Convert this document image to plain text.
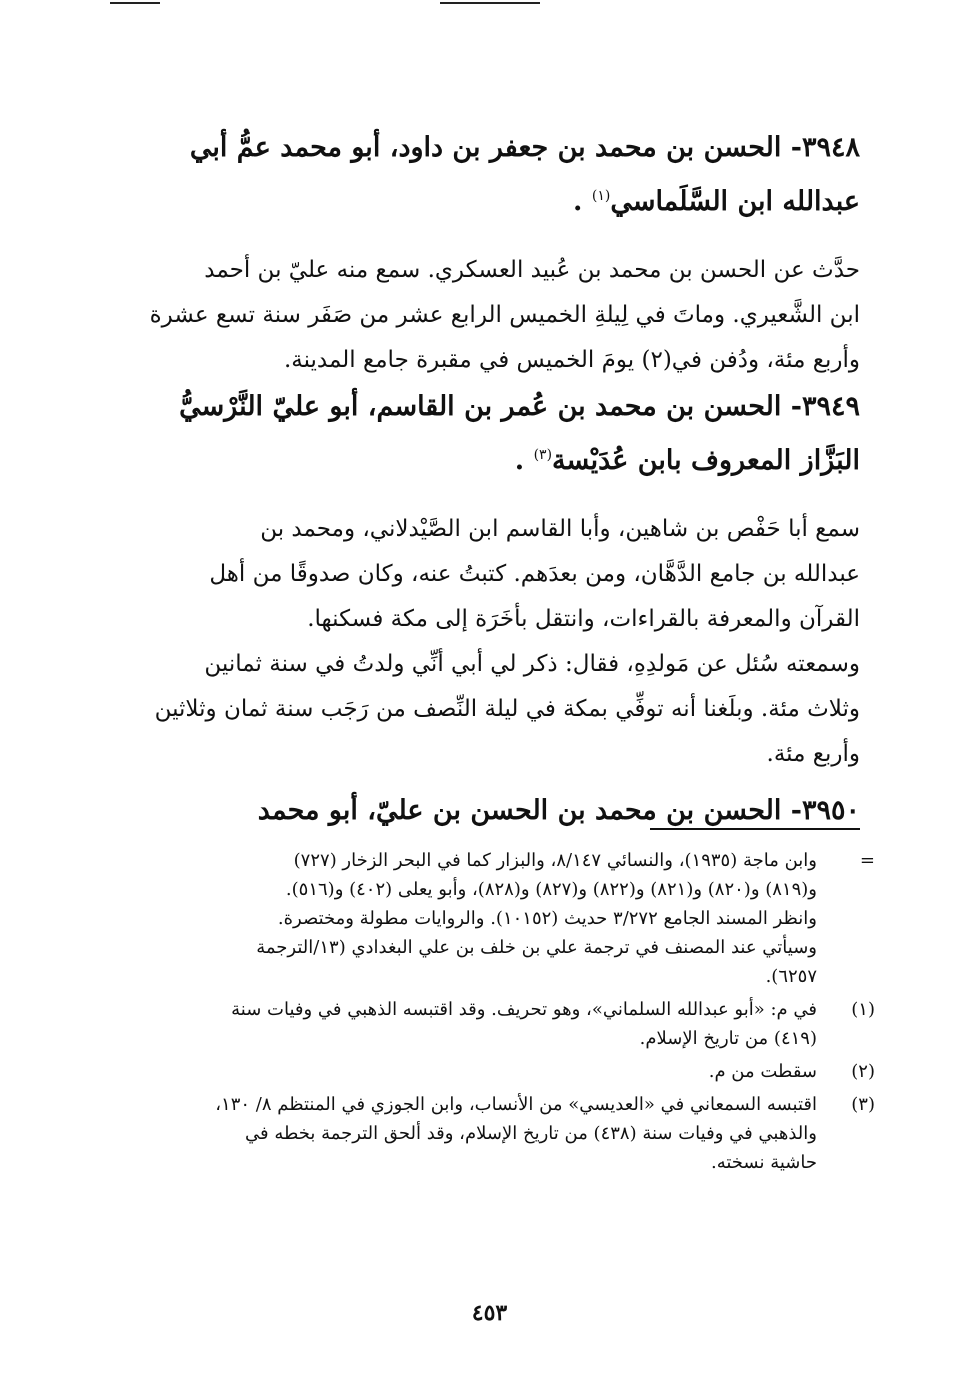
٣٩٤٨- الحسن بن محمد بن جعفر بن داود، أبو محمد عمُّ أبي
عبدالله ابن السَّلَماسي$^{(١)}$ .
حدَّث عن الحسن بن محمد بن عُبيد العسكري. سمع منه عليّ بن أحمد
ابن الشَّعيري. وماتَ في لِيلةِ الخميس الرابع عشر من صَفَر سنة تسع عشرة
وأربع مئة، ودُفن في(٢) يومَ الخميس في مقبرة جامع المدينة.
٣٩٤٩- الحسن بن محمد بن عُمر بن القاسم، أبو عليّ النَّرْسيُّ
البَزَّاز المعروف بابن عُدَيْسة$^{(٣)}$ .
سمع أبا حَفْص بن شاهين، وأبا القاسم ابن الصَّيْدلاني، ومحمد بن
عبدالله بن جامع الدَّهَّان، ومن بعدَهم. كتبتُ عنه، وكان صدوقًا من أهل
القرآن والمعرفة بالقراءات، وانتقل بأخَرَة إلى مكة فسكنها.
وسمعته سُئل عن مَولدِهِ، فقال: ذكر لي أبي أنِّي ولدتُ في سنة ثمانين
وثلاث مئة. وبلَغنا أنه توفِّي بمكة في ليلة النِّصف من رَجَب سنة ثمان وثلاثين
وأربع مئة.
٣٩٥٠- الحسن بن محمد بن الحسن بن عليّ، أبو محمد
=
وابن ماجة (١٩٣٥)، والنسائي ٨/١٤٧، والبزار كما في البحر الزخار (٧٢٧)
و(٨١٩) و(٨٢٠) و(٨٢١) و(٨٢٢) و(٨٢٧) و(٨٢٨)، وأبو يعلى (٤٠٢) و(٥١٦).
وانظر المسند الجامع ٣/٢٧٢ حديث (١٠١٥٢). والروايات مطولة ومختصرة.
وسيأتي عند المصنف في ترجمة علي بن خلف بن علي البغدادي (١٣/الترجمة
٦٢٥٧).
(١)
في م: «أبو عبدالله السلماني»، وهو تحريف. وقد اقتبسه الذهبي في وفيات سنة
(٤١٩) من تاريخ الإسلام.
(٢)
سقطت من م.
(٣)
اقتبسه السمعاني في «العديسي» من الأنساب، وابن الجوزي في المنتظم ٨/ ١٣٠،
والذهبي في وفيات سنة (٤٣٨) من تاريخ الإسلام، وقد ألحق الترجمة بخطه في
حاشية نسخته.
٤٥٣
